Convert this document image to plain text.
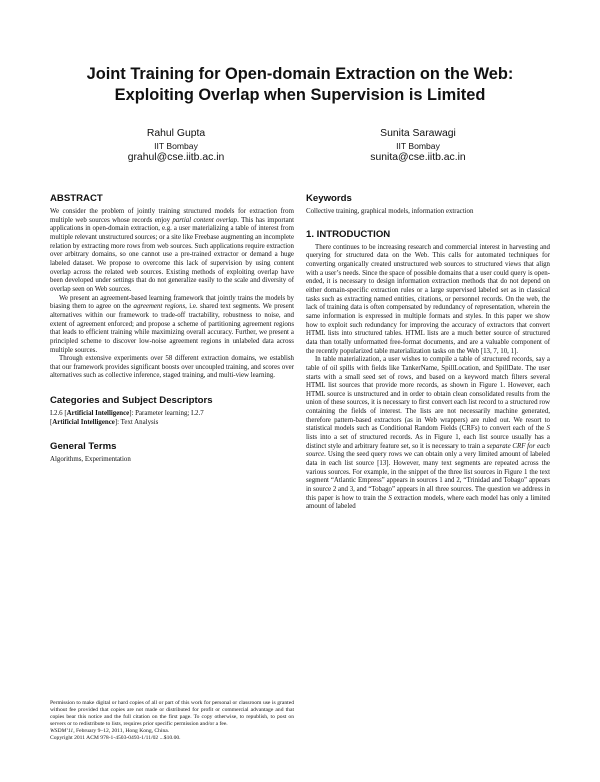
Joint Training for Open-domain Extraction on the Web:
Exploiting Overlap when Supervision is Limited
Rahul Gupta
IIT Bombay
grahul@cse.iitb.ac.in
Sunita Sarawagi
IIT Bombay
sunita@cse.iitb.ac.in
ABSTRACT

We consider the problem of jointly training structured models for extraction from multiple web sources whose records enjoy partial content overlap. This has important applications in open-domain extraction, e.g. a user materializing a table of interest from multiple relevant unstructured sources; or a site like Freebase augmenting an incomplete relation by extracting more rows from web sources. Such applications require extraction over arbitrary domains, so one cannot use a pre-trained extractor or demand a huge labeled dataset. We propose to overcome this lack of supervision by using content overlap across the related web sources. Existing methods of exploiting overlap have been developed under settings that do not generalize easily to the scale and diversity of overlap seen on Web sources.

We present an agreement-based learning framework that jointly trains the models by biasing them to agree on the agreement regions, i.e. shared text segments. We present alternatives within our framework to trade-off tractability, robustness to noise, and extent of agreement enforced; and propose a scheme of partitioning agreement regions that leads to efficient training while maximizing overall accuracy. Further, we present a principled scheme to discover low-noise agreement regions in unlabeled data across multiple sources.

Through extensive experiments over 58 different extraction domains, we establish that our framework provides significant boosts over uncoupled training, and scores over alternatives such as collective inference, staged training, and multi-view learning.

Categories and Subject Descriptors
I.2.6 [Artificial Intelligence]: Parameter learning; I.2.7
[Artificial Intelligence]: Text Analysis
General Terms
Algorithms, Experimentation

Permission to make digital or hard copies of all or part of this work for personal or classroom use is granted without fee provided that copies are not made or distributed for profit or commercial advantage and that copies bear this notice and the full citation on the first page. To copy otherwise, to republish, to post on servers or to redistribute to lists, requires prior specific permission and/or a fee.

WSDM’11, February 9–12, 2011, Hong Kong, China.

Copyright 2011 ACM 978-1-4503-0493-1/11/02 ...$10.00.

Keywords
Collective training, graphical models, information extraction
1. INTRODUCTION

There continues to be increasing research and commercial interest in harvesting and querying for structured data on the Web. This calls for automated techniques for converting organically created unstructured web sources to structured views that align with a user’s needs. Since the space of possible domains that a user could query is open-ended, it is necessary to design information extraction methods that do not depend on either domain-specific extraction rules or a large supervised labeled set as in classical tasks such as extracting named entities, citations, or personnel records. On the web, the lack of training data is often compensated by redundancy of representation, wherein the same information is expressed in multiple formats and styles. In this paper we show how to exploit such redundancy for improving the accuracy of extractors that convert HTML lists into structured tables. HTML lists are a much better source of structured data than totally unformatted free-format documents, and are a valuable component of the recently popularized table materialization tasks on the Web [13, 7, 10, 1].

In table materialization, a user wishes to compile a table of structured records, say a table of oil spills with fields like TankerName, SpillLocation, and SpillDate. The user starts with a small seed set of rows, and based on a keyword match filters several HTML list sources that provide more records, as shown in Figure 1. However, each HTML source is unstructured and in order to obtain clean consolidated results from the union of these sources, it is necessary to first convert each list record to a structured row containing the fields of interest. The lists are not necessarily machine generated, therefore pattern-based extractors (as in Web wrappers) are ruled out. We resort to statistical models such as Conditional Random Fields (CRFs) to convert each of the S lists into a set of structured records. As in Figure 1, each list source usually has a distinct style and arbitrary feature set, so it is necessary to train a separate CRF for each source. Using the seed query rows we can obtain only a very limited amount of labeled data in each list source [13]. However, many text segments are repeated across the various sources. For example, in the snippet of the three list sources in Figure 1 the text segment “Atlantic Empress” appears in sources 1 and 2, “Trinidad and Tobago” appears in source 2 and 3, and “Tobago” appears in all three sources. The question we address in this paper is how to train the S extraction models, where each model has only a limited amount of labeled
